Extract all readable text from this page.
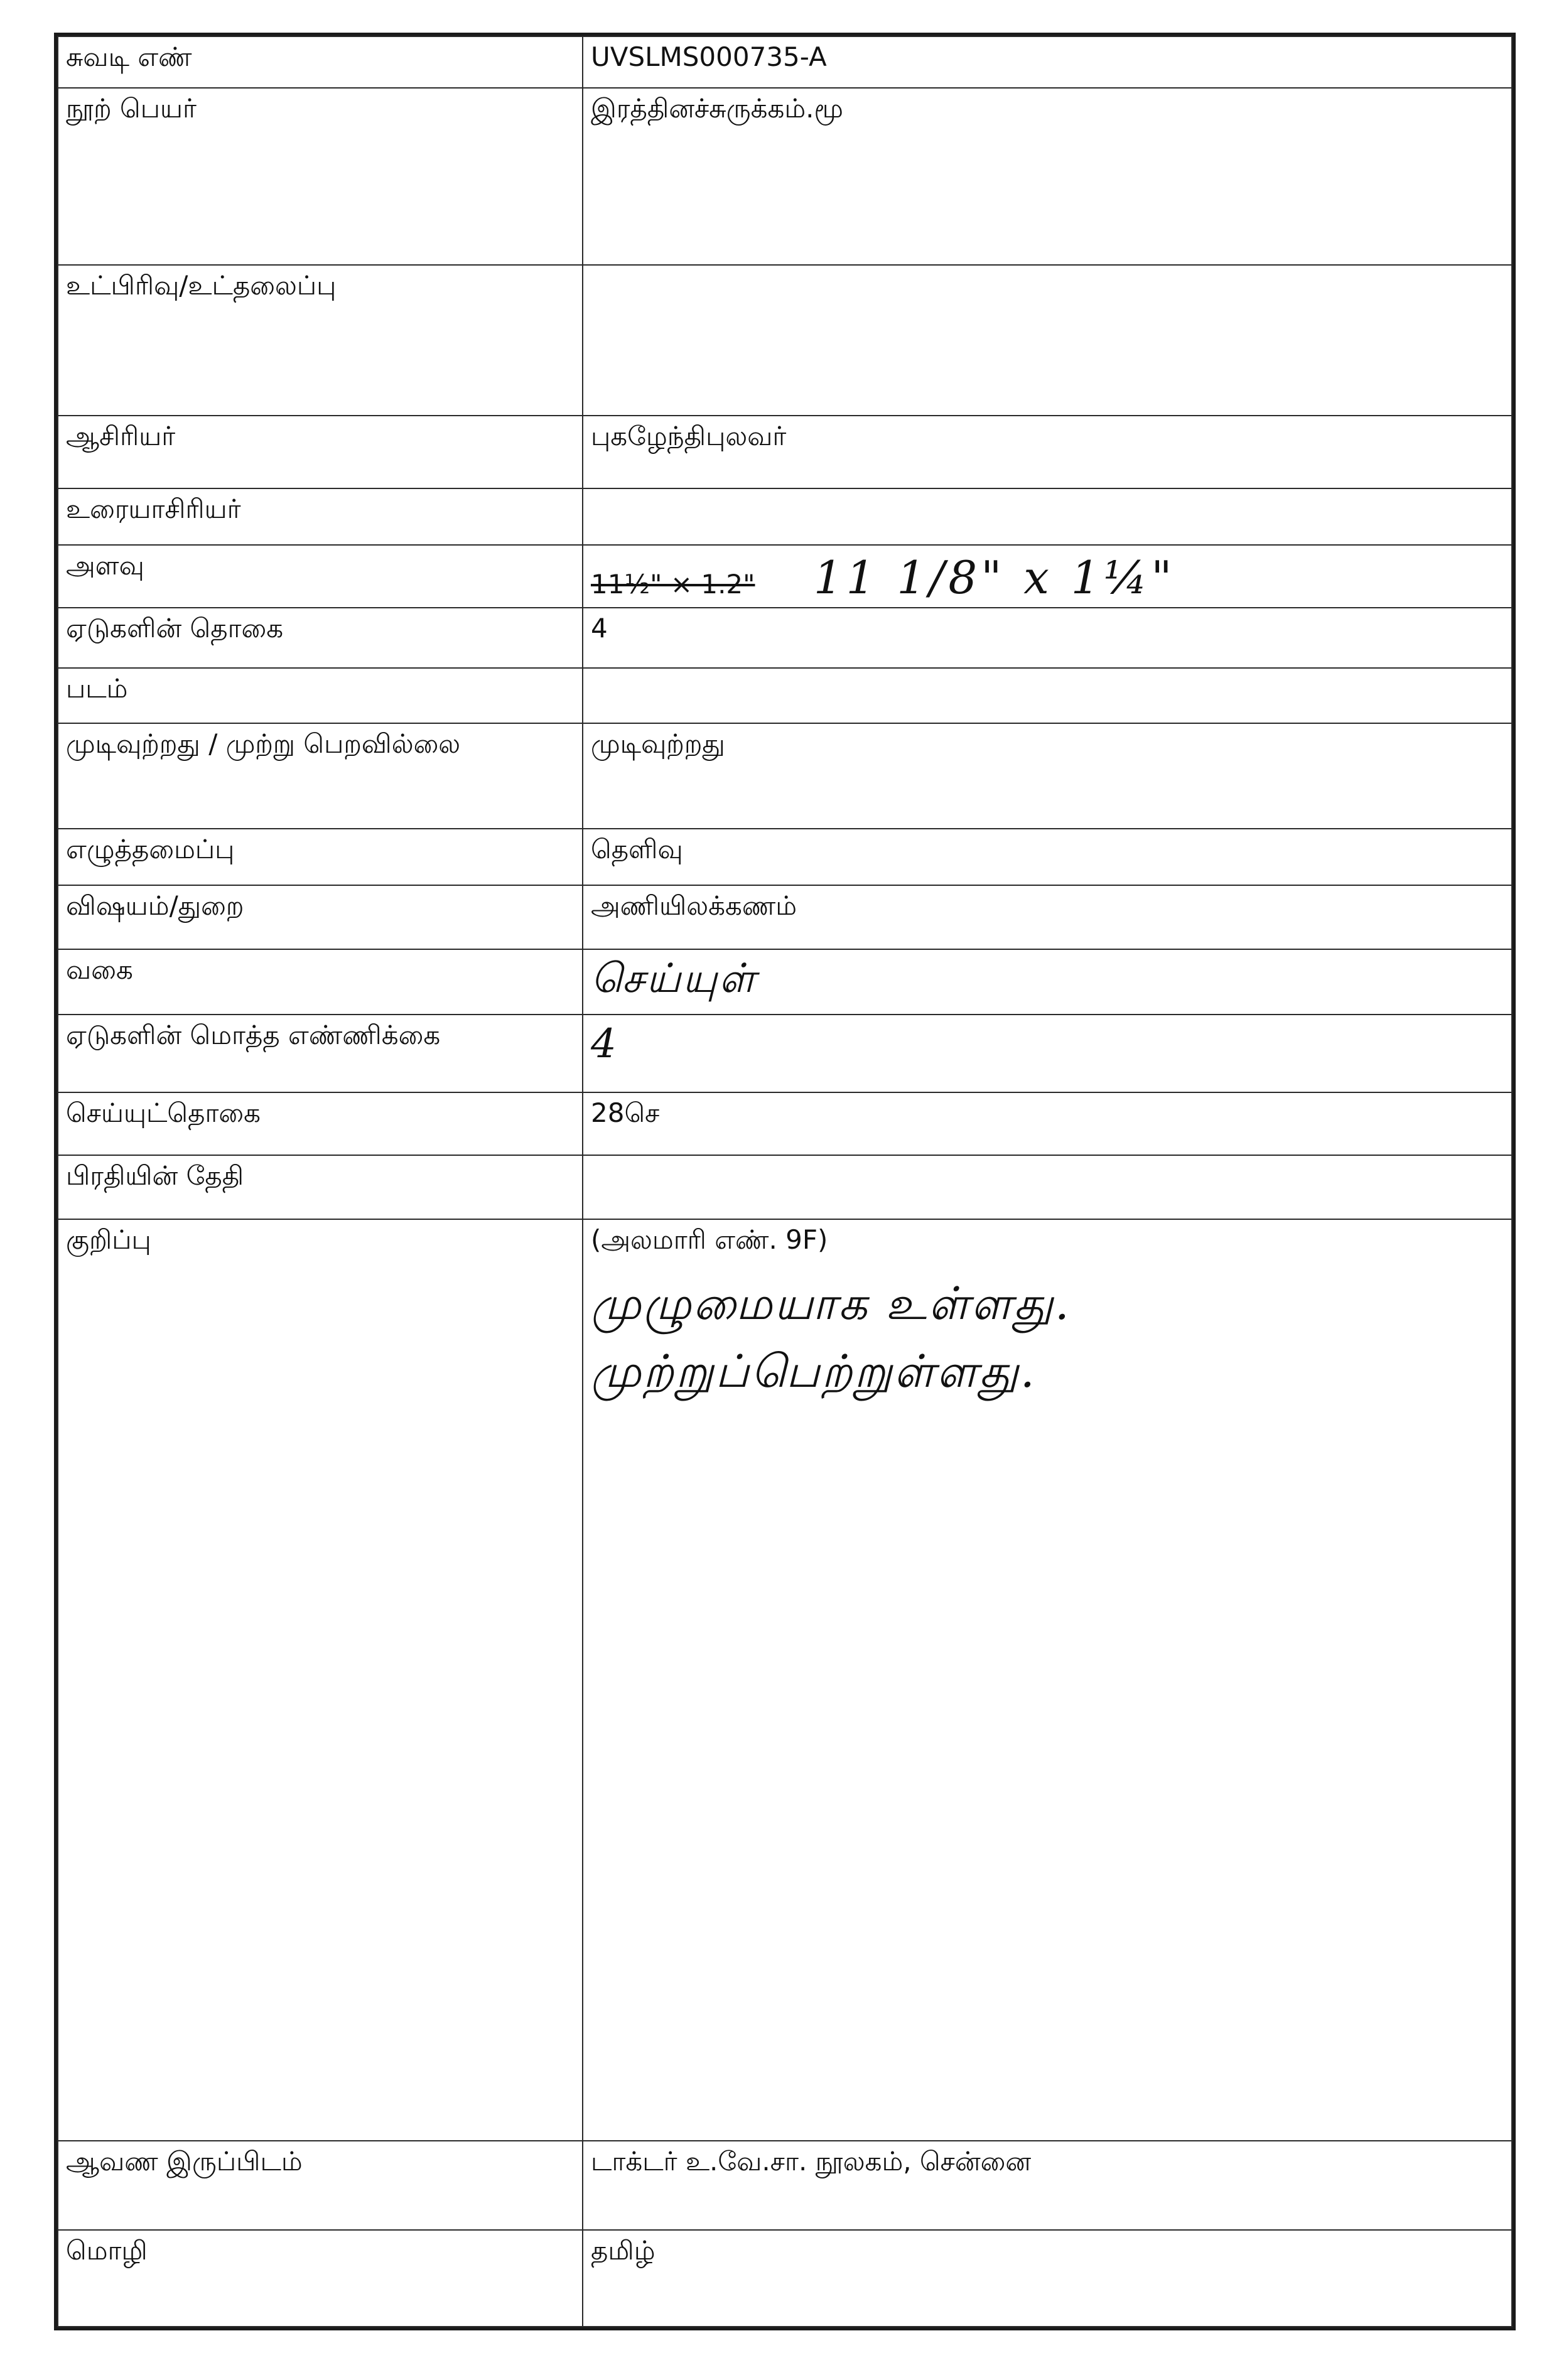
சுவடி எண்	UVSLMS000735-A
நூற் பெயர்	இரத்தினச்சுருக்கம்.மூ
உட்பிரிவு/உட்தலைப்பு	
ஆசிரியர்	புகழேந்திபுலவர்
உரையாசிரியர்	
அளவு	11½" × 1.2" 11 1/8" x 1¼"
ஏடுகளின் தொகை	4
படம்	
முடிவுற்றது / முற்று பெறவில்லை	முடிவுற்றது
எழுத்தமைப்பு	தெளிவு
விஷயம்/துறை	அணியிலக்கணம்
வகை	செய்யுள்
ஏடுகளின் மொத்த எண்ணிக்கை	4
செய்யுட்தொகை	28செ
பிரதியின் தேதி	
குறிப்பு	(அலமாரி எண். 9F)
முழுமையாக உள்ளது. முற்றுப்பெற்றுள்ளது.

ஆவண இருப்பிடம்	டாக்டர் உ.வே.சா. நூலகம், சென்னை
மொழி	தமிழ்
